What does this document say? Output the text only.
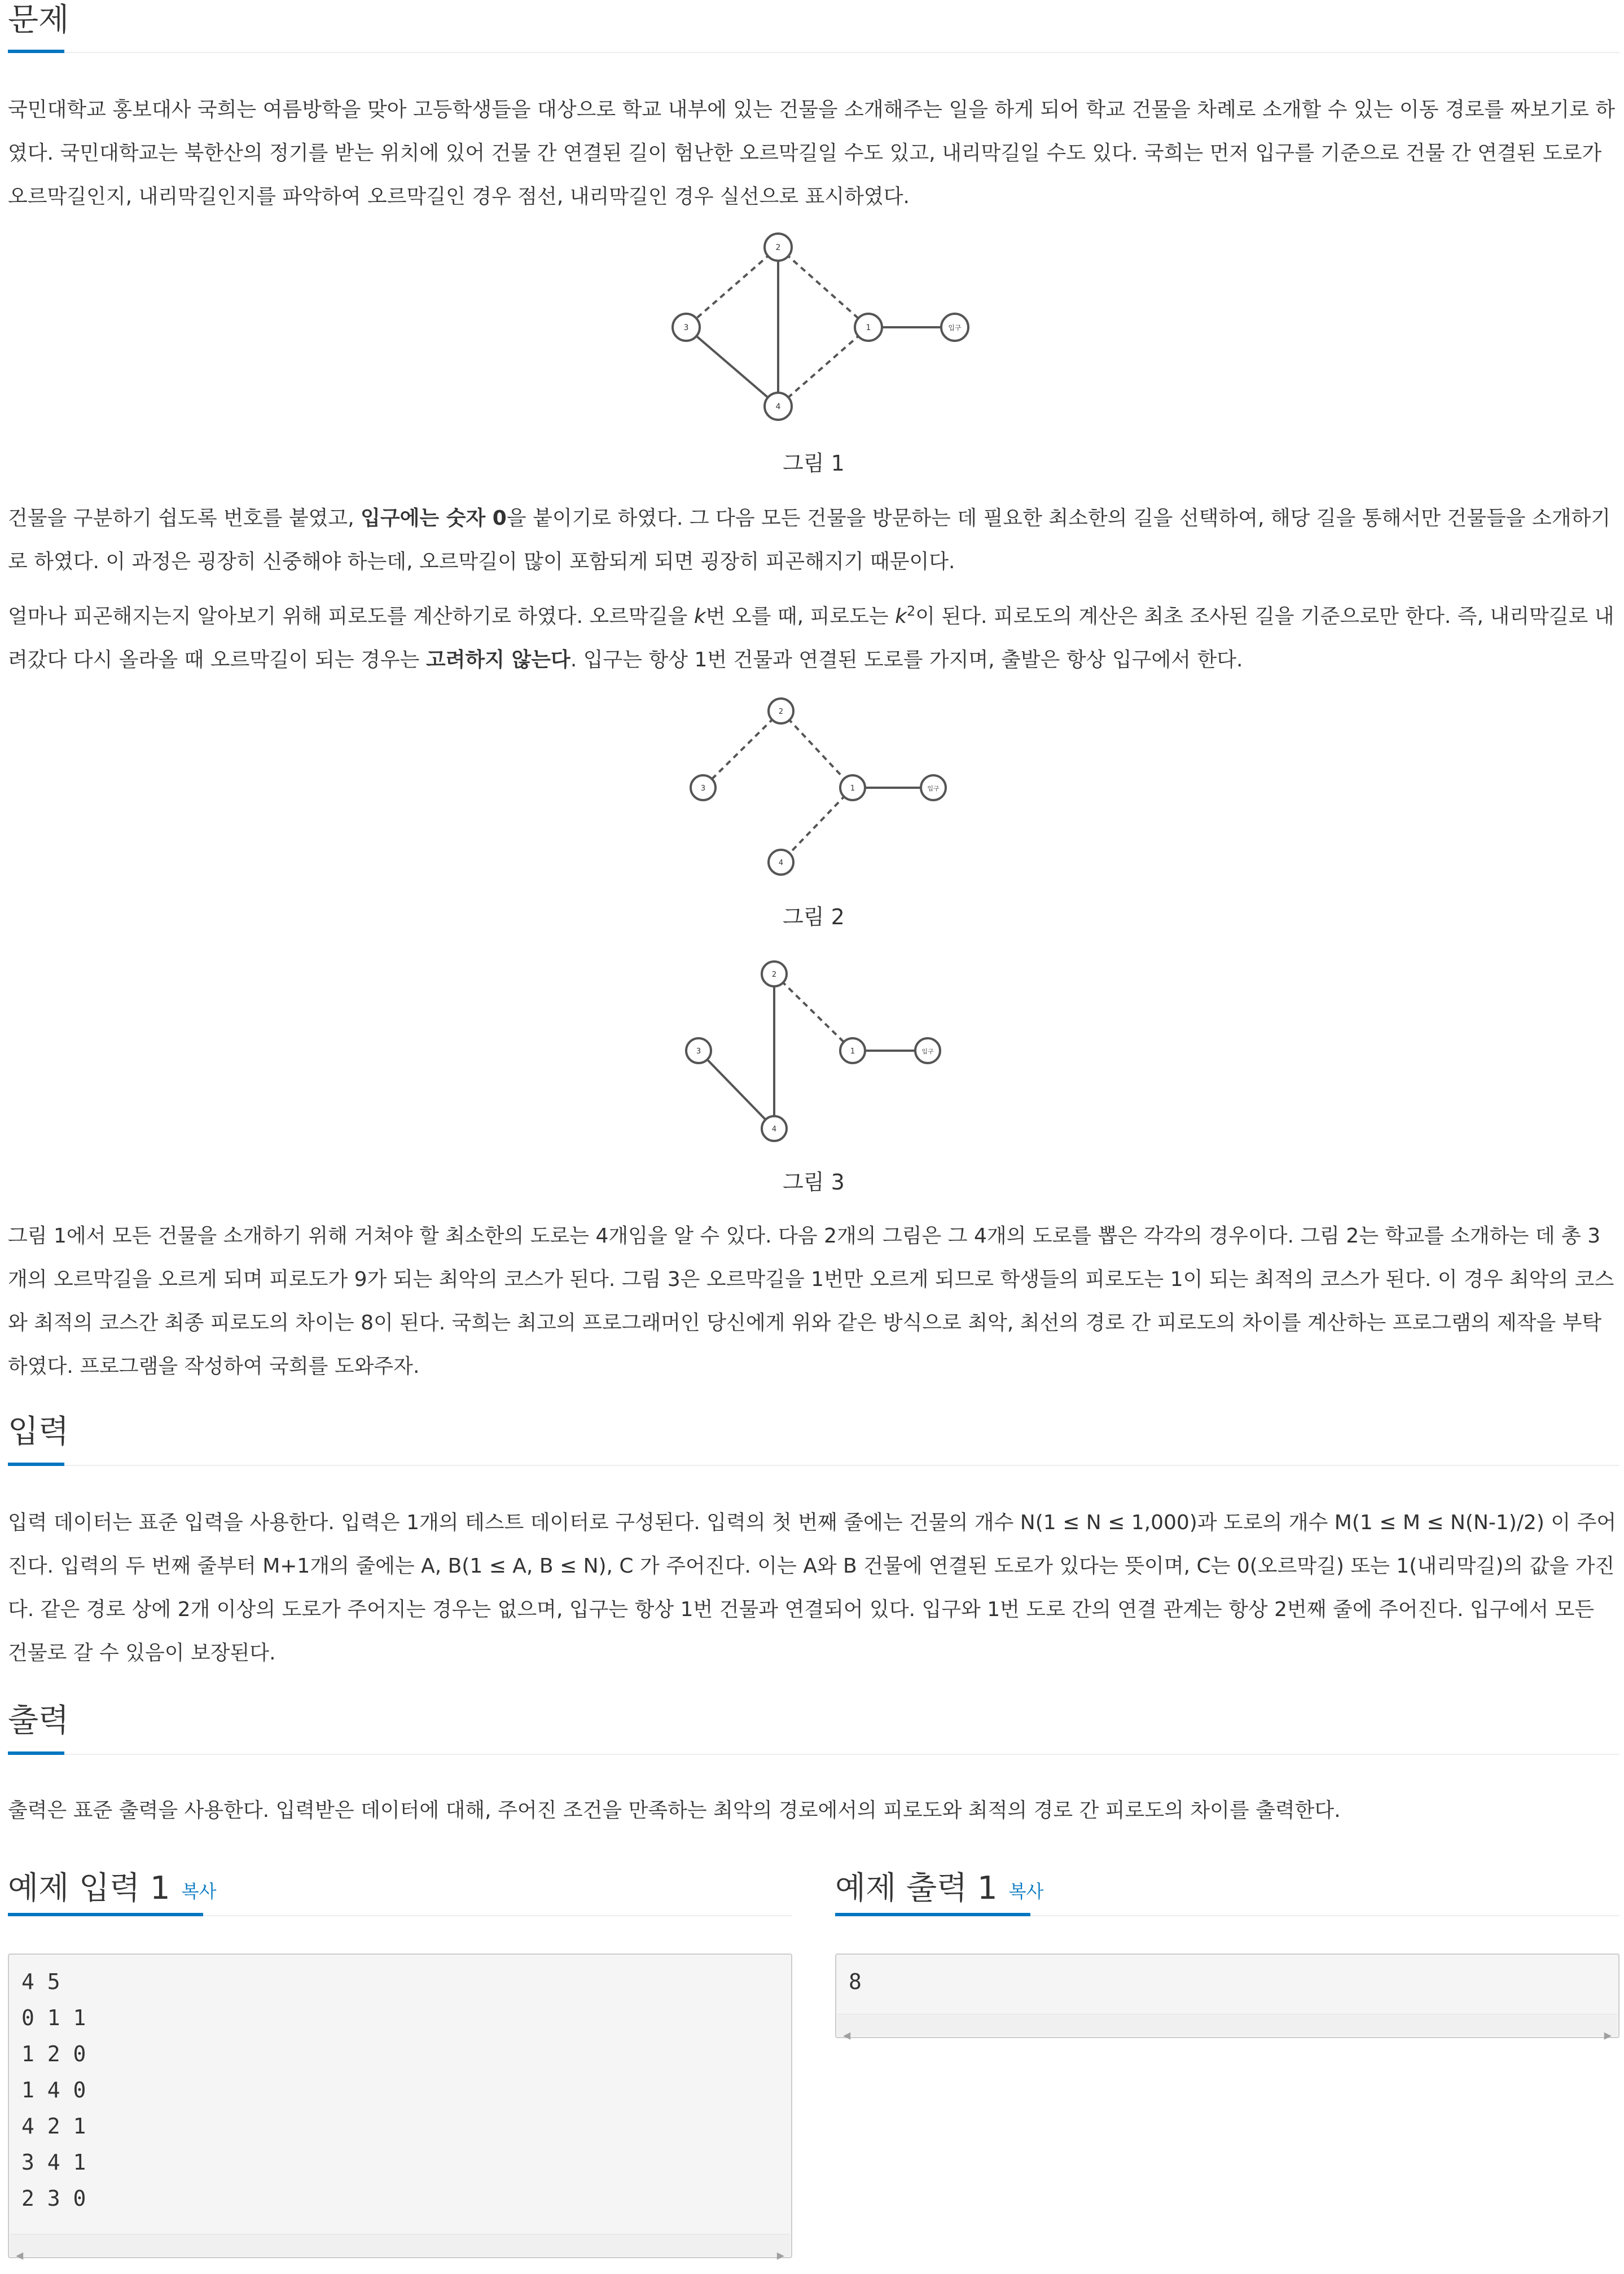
문제

국민대학교 홍보대사 국희는 여름방학을 맞아 고등학생들을 대상으로 학교 내부에 있는 건물을 소개해주는 일을 하게 되어 학교 건물을 차례로 소개할 수 있는 이동 경로를 짜보기로 하였다. 국민대학교는 북한산의 정기를 받는 위치에 있어 건물 간 연결된 길이 험난한 오르막길일 수도 있고, 내리막길일 수도 있다. 국희는 먼저 입구를 기준으로 건물 간 연결된 도로가 오르막길인지, 내리막길인지를 파악하여 오르막길인 경우 점선, 내리막길인 경우 실선으로 표시하였다.

2
3	1
4
입구
그림 1

건물을 구분하기 쉽도록 번호를 붙였고, 입구에는 숫자 0을 붙이기로 하였다. 그 다음 모든 건물을 방문하는 데 필요한 최소한의 길을 선택하여, 해당 길을 통해서만 건물들을 소개하기로 하였다. 이 과정은 굉장히 신중해야 하는데, 오르막길이 많이 포함되게 되면 굉장히 피곤해지기 때문이다.

얼마나 피곤해지는지 알아보기 위해 피로도를 계산하기로 하였다. 오르막길을 k번 오를 때, 피로도는 $k^2$이 된다. 피로도의 계산은 최초 조사된 길을 기준으로만 한다. 즉, 내리막길로 내려갔다 다시 올라올 때 오르막길이 되는 경우는 고려하지 않는다. 입구는 항상 1번 건물과 연결된 도로를 가지며, 출발은 항상 입구에서 한다.

2
3	1
4
입구
그림 2
2
3	1
4
입구
그림 3

그림 1에서 모든 건물을 소개하기 위해 거쳐야 할 최소한의 도로는 4개임을 알 수 있다. 다음 2개의 그림은 그 4개의 도로를 뽑은 각각의 경우이다. 그림 2는 학교를 소개하는 데 총 3개의 오르막길을 오르게 되며 피로도가 9가 되는 최악의 코스가 된다. 그림 3은 오르막길을 1번만 오르게 되므로 학생들의 피로도는 1이 되는 최적의 코스가 된다. 이 경우 최악의 코스와 최적의 코스간 최종 피로도의 차이는 8이 된다. 국희는 최고의 프로그래머인 당신에게 위와 같은 방식으로 최악, 최선의 경로 간 피로도의 차이를 계산하는 프로그램의 제작을 부탁하였다. 프로그램을 작성하여 국희를 도와주자.

입력

입력 데이터는 표준 입력을 사용한다. 입력은 1개의 테스트 데이터로 구성된다. 입력의 첫 번째 줄에는 건물의 개수 N(1 ≤ N ≤ 1,000)과 도로의 개수 M(1 ≤ M ≤ N(N-1)/2) 이 주어진다. 입력의 두 번째 줄부터 M+1개의 줄에는 A, B(1 ≤ A, B ≤ N), C 가 주어진다. 이는 A와 B 건물에 연결된 도로가 있다는 뜻이며, C는 0(오르막길) 또는 1(내리막길)의 값을 가진다. 같은 경로 상에 2개 이상의 도로가 주어지는 경우는 없으며, 입구는 항상 1번 건물과 연결되어 있다. 입구와 1번 도로 간의 연결 관계는 항상 2번째 줄에 주어진다. 입구에서 모든 건물로 갈 수 있음이 보장된다.

출력

출력은 표준 출력을 사용한다. 입력받은 데이터에 대해, 주어진 조건을 만족하는 최악의 경로에서의 피로도와 최적의 경로 간 피로도의 차이를 출력한다.

예제 입력 1 복사
4 5
0 1 1
1 2 0
1 4 0
4 2 1
3 4 1
2 3 0
◀	▶
예제 출력 1 복사
8
◀	▶
